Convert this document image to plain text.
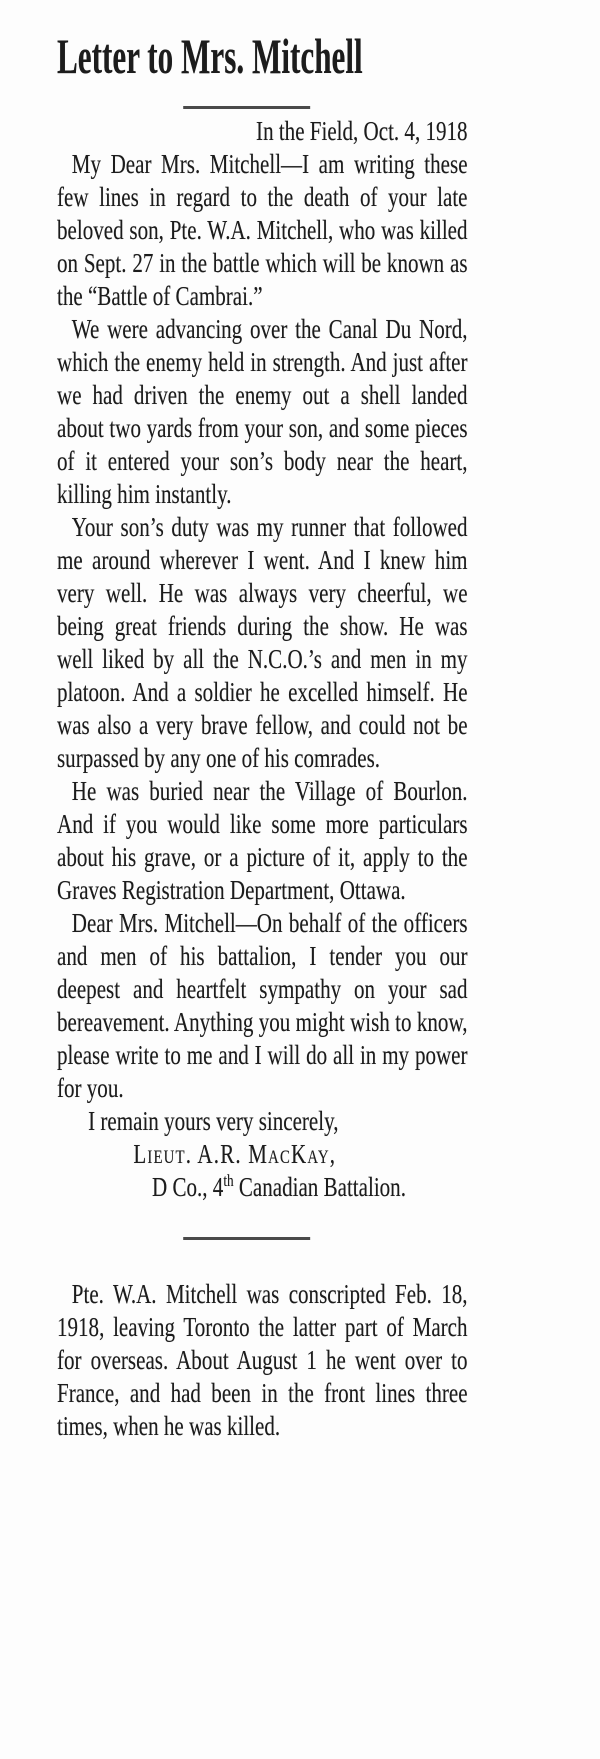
Letter to Mrs. Mitchell

In the Field, Oct. 4, 1918

My Dear Mrs. Mitchell—I am writing these few lines in regard to the death of your late beloved son, Pte. W.A. Mitchell, who was killed on Sept. 27 in the battle which will be known as the “Battle of Cambrai.”

We were advancing over the Canal Du Nord, which the enemy held in strength. And just after we had driven the enemy out a shell landed about two yards from your son, and some pieces of it entered your son’s body near the heart, killing him instantly.

Your son’s duty was my runner that followed me around wherever I went. And I knew him very well. He was always very cheerful, we being great friends during the show. He was well liked by all the N.C.O.’s and men in my platoon. And a soldier he excelled himself. He was also a very brave fellow, and could not be surpassed by any one of his comrades.

He was buried near the Village of Bourlon. And if you would like some more particulars about his grave, or a picture of it, apply to the Graves Registration Department, Ottawa.

Dear Mrs. Mitchell—On behalf of the officers and men of his battalion, I tender you our deepest and heartfelt sympathy on your sad bereavement. Anything you might wish to know, please write to me and I will do all in my power for you.

I remain yours very sincerely,

Lieut. A.R. MacKay,

D Co., 4th Canadian Battalion.

Pte. W.A. Mitchell was conscripted Feb. 18, 1918, leaving Toronto the latter part of March for overseas. About August 1 he went over to France, and had been in the front lines three times, when he was killed.
